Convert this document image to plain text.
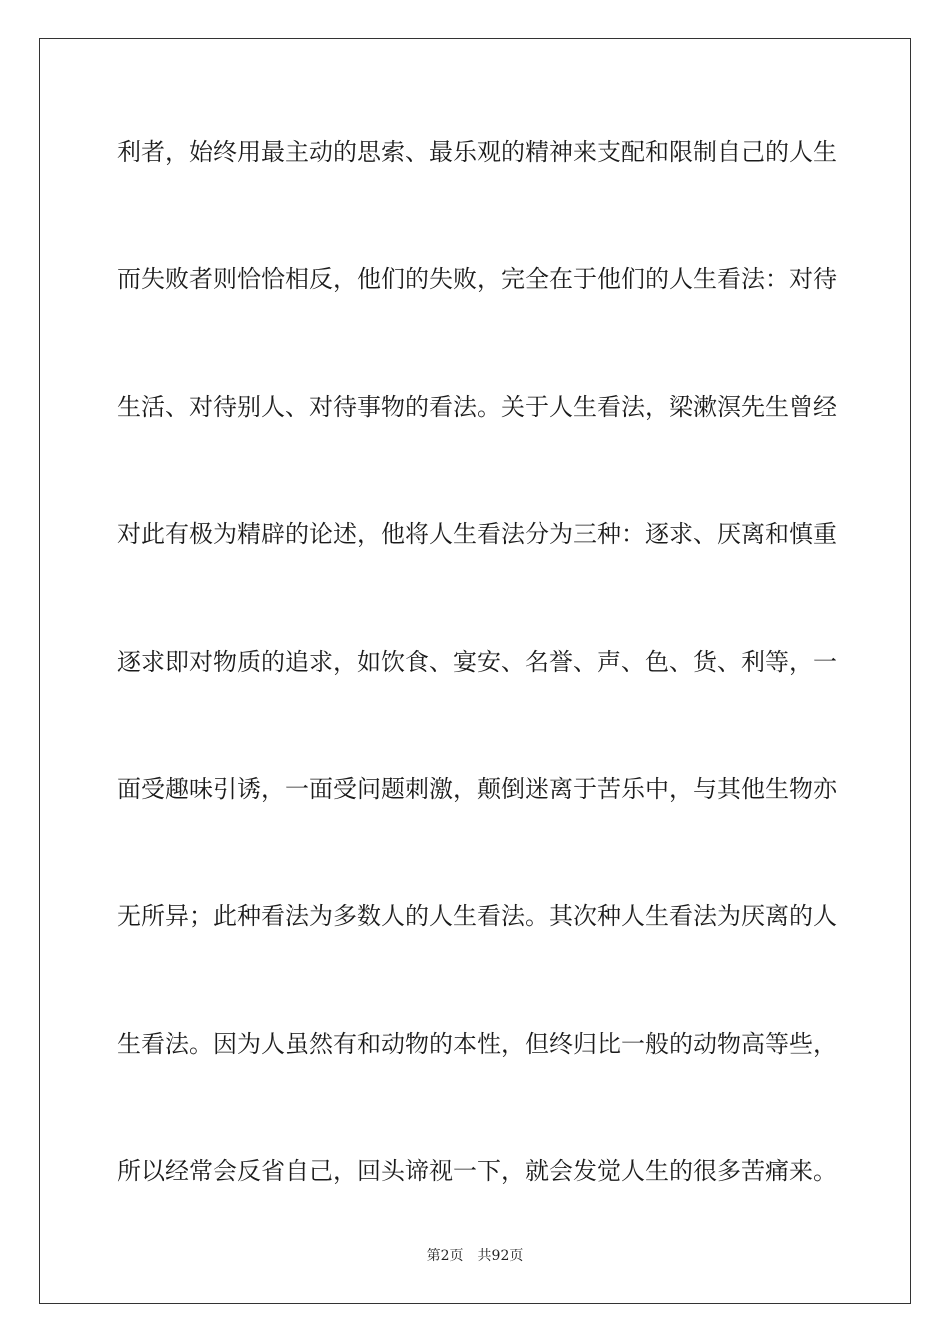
利者，始终用最主动的思索、最乐观的精神来支配和限制自己的人生
而失败者则恰恰相反，他们的失败，完全在于他们的人生看法：对待
生活、对待别人、对待事物的看法。关于人生看法，梁漱溟先生曾经
对此有极为精辟的论述，他将人生看法分为三种：逐求、厌离和慎重
逐求即对物质的追求，如饮食、宴安、名誉、声、色、货、利等，一
面受趣味引诱，一面受问题刺激，颠倒迷离于苦乐中，与其他生物亦
无所异；此种看法为多数人的人生看法。其次种人生看法为厌离的人
生看法。因为人虽然有和动物的本性，但终归比一般的动物高等些，
所以经常会反省自己，回头谛视一下，就会发觉人生的很多苦痛来。
第2页 共92页
